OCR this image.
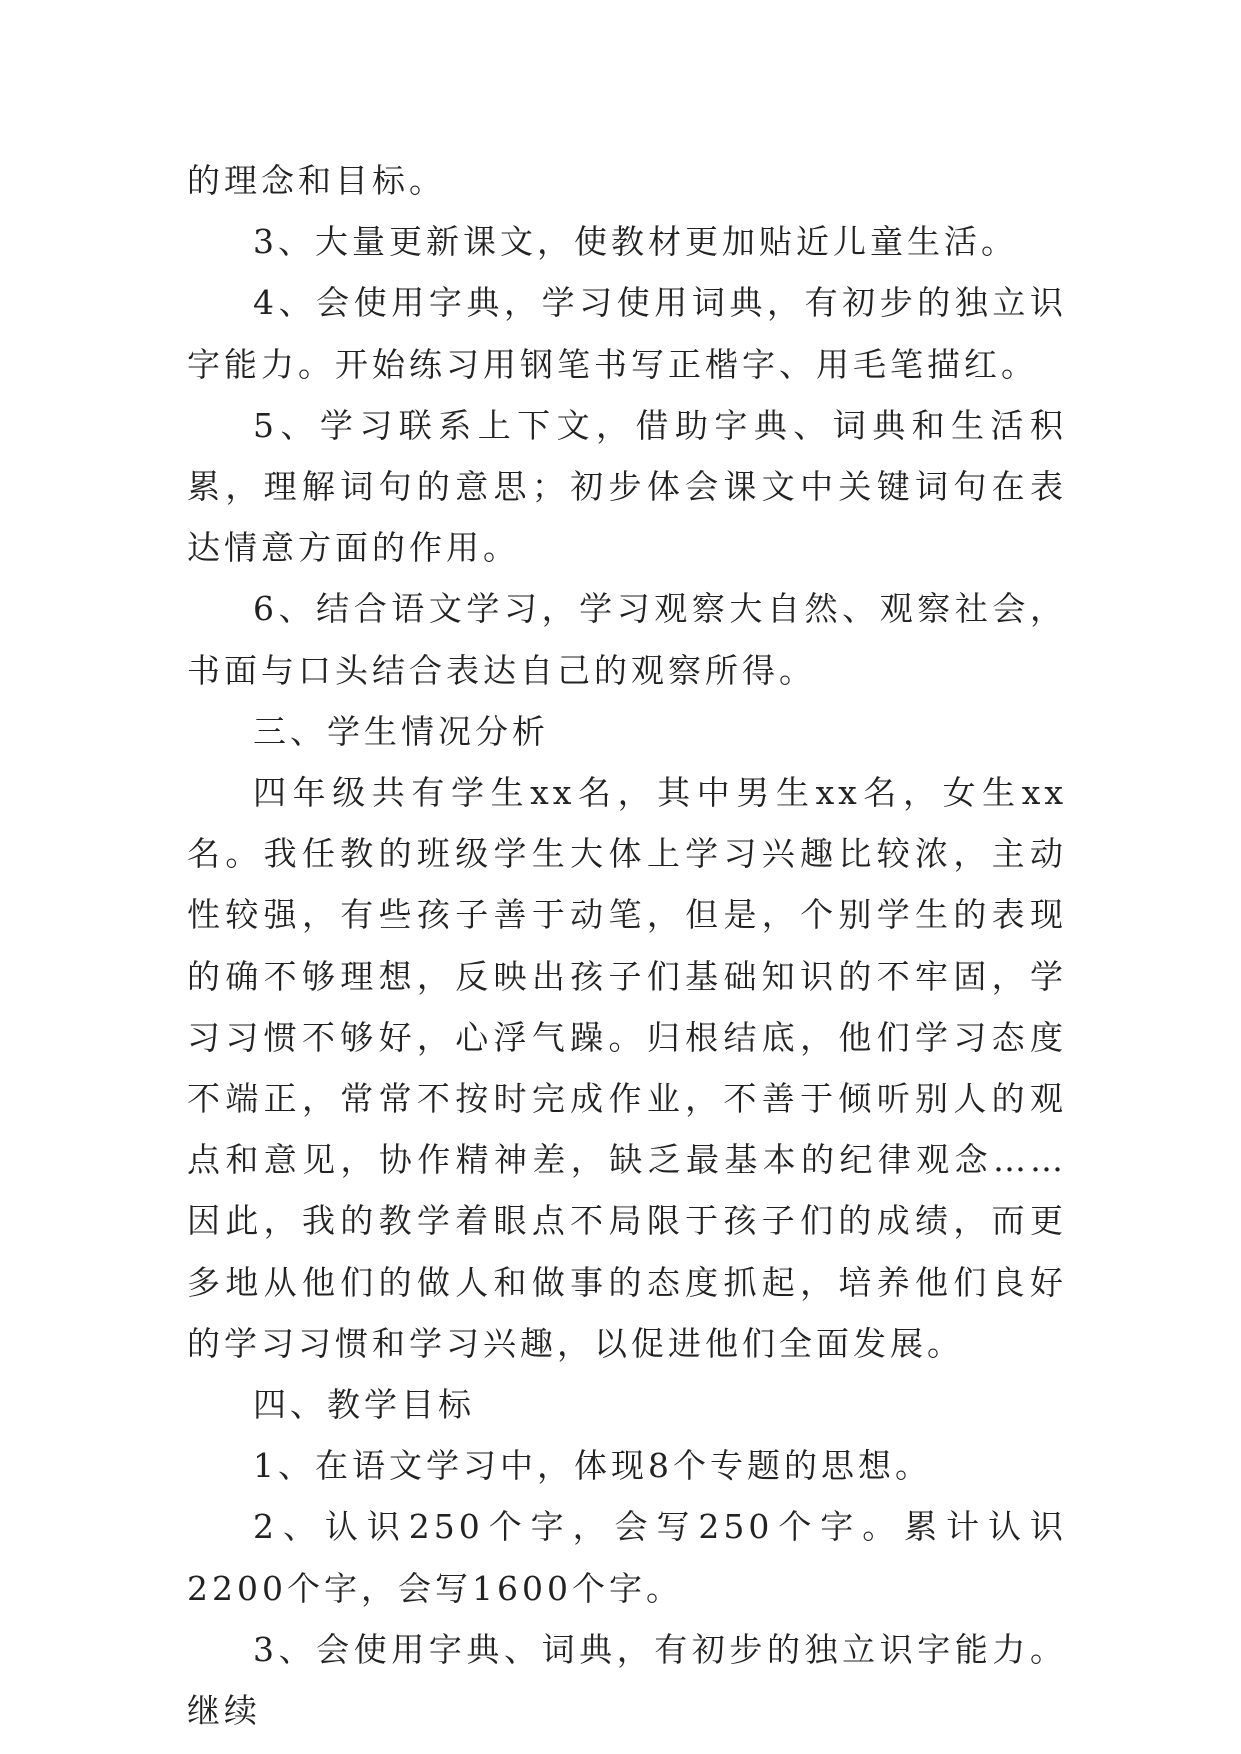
的理念和目标。

3、大量更新课文，使教材更加贴近儿童生活。

4、会使用字典，学习使用词典，有初步的独立识字能力。开始练习用钢笔书写正楷字、用毛笔描红。

5、学习联系上下文，借助字典、词典和生活积累，理解词句的意思；初步体会课文中关键词句在表达情意方面的作用。

6、结合语文学习，学习观察大自然、观察社会，书面与口头结合表达自己的观察所得。

三、学生情况分析

四年级共有学生xx名，其中男生xx名，女生xx名。我任教的班级学生大体上学习兴趣比较浓，主动性较强，有些孩子善于动笔，但是，个别学生的表现的确不够理想，反映出孩子们基础知识的不牢固，学习习惯不够好，心浮气躁。归根结底，他们学习态度不端正，常常不按时完成作业，不善于倾听别人的观点和意见，协作精神差，缺乏最基本的纪律观念……因此，我的教学着眼点不局限于孩子们的成绩，而更多地从他们的做人和做事的态度抓起，培养他们良好的学习习惯和学习兴趣，以促进他们全面发展。

四、教学目标

1、在语文学习中，体现8个专题的思想。

2、认识250个字，会写250个字。累计认识2200个字，会写1600个字。

3、会使用字典、词典，有初步的独立识字能力。继续
